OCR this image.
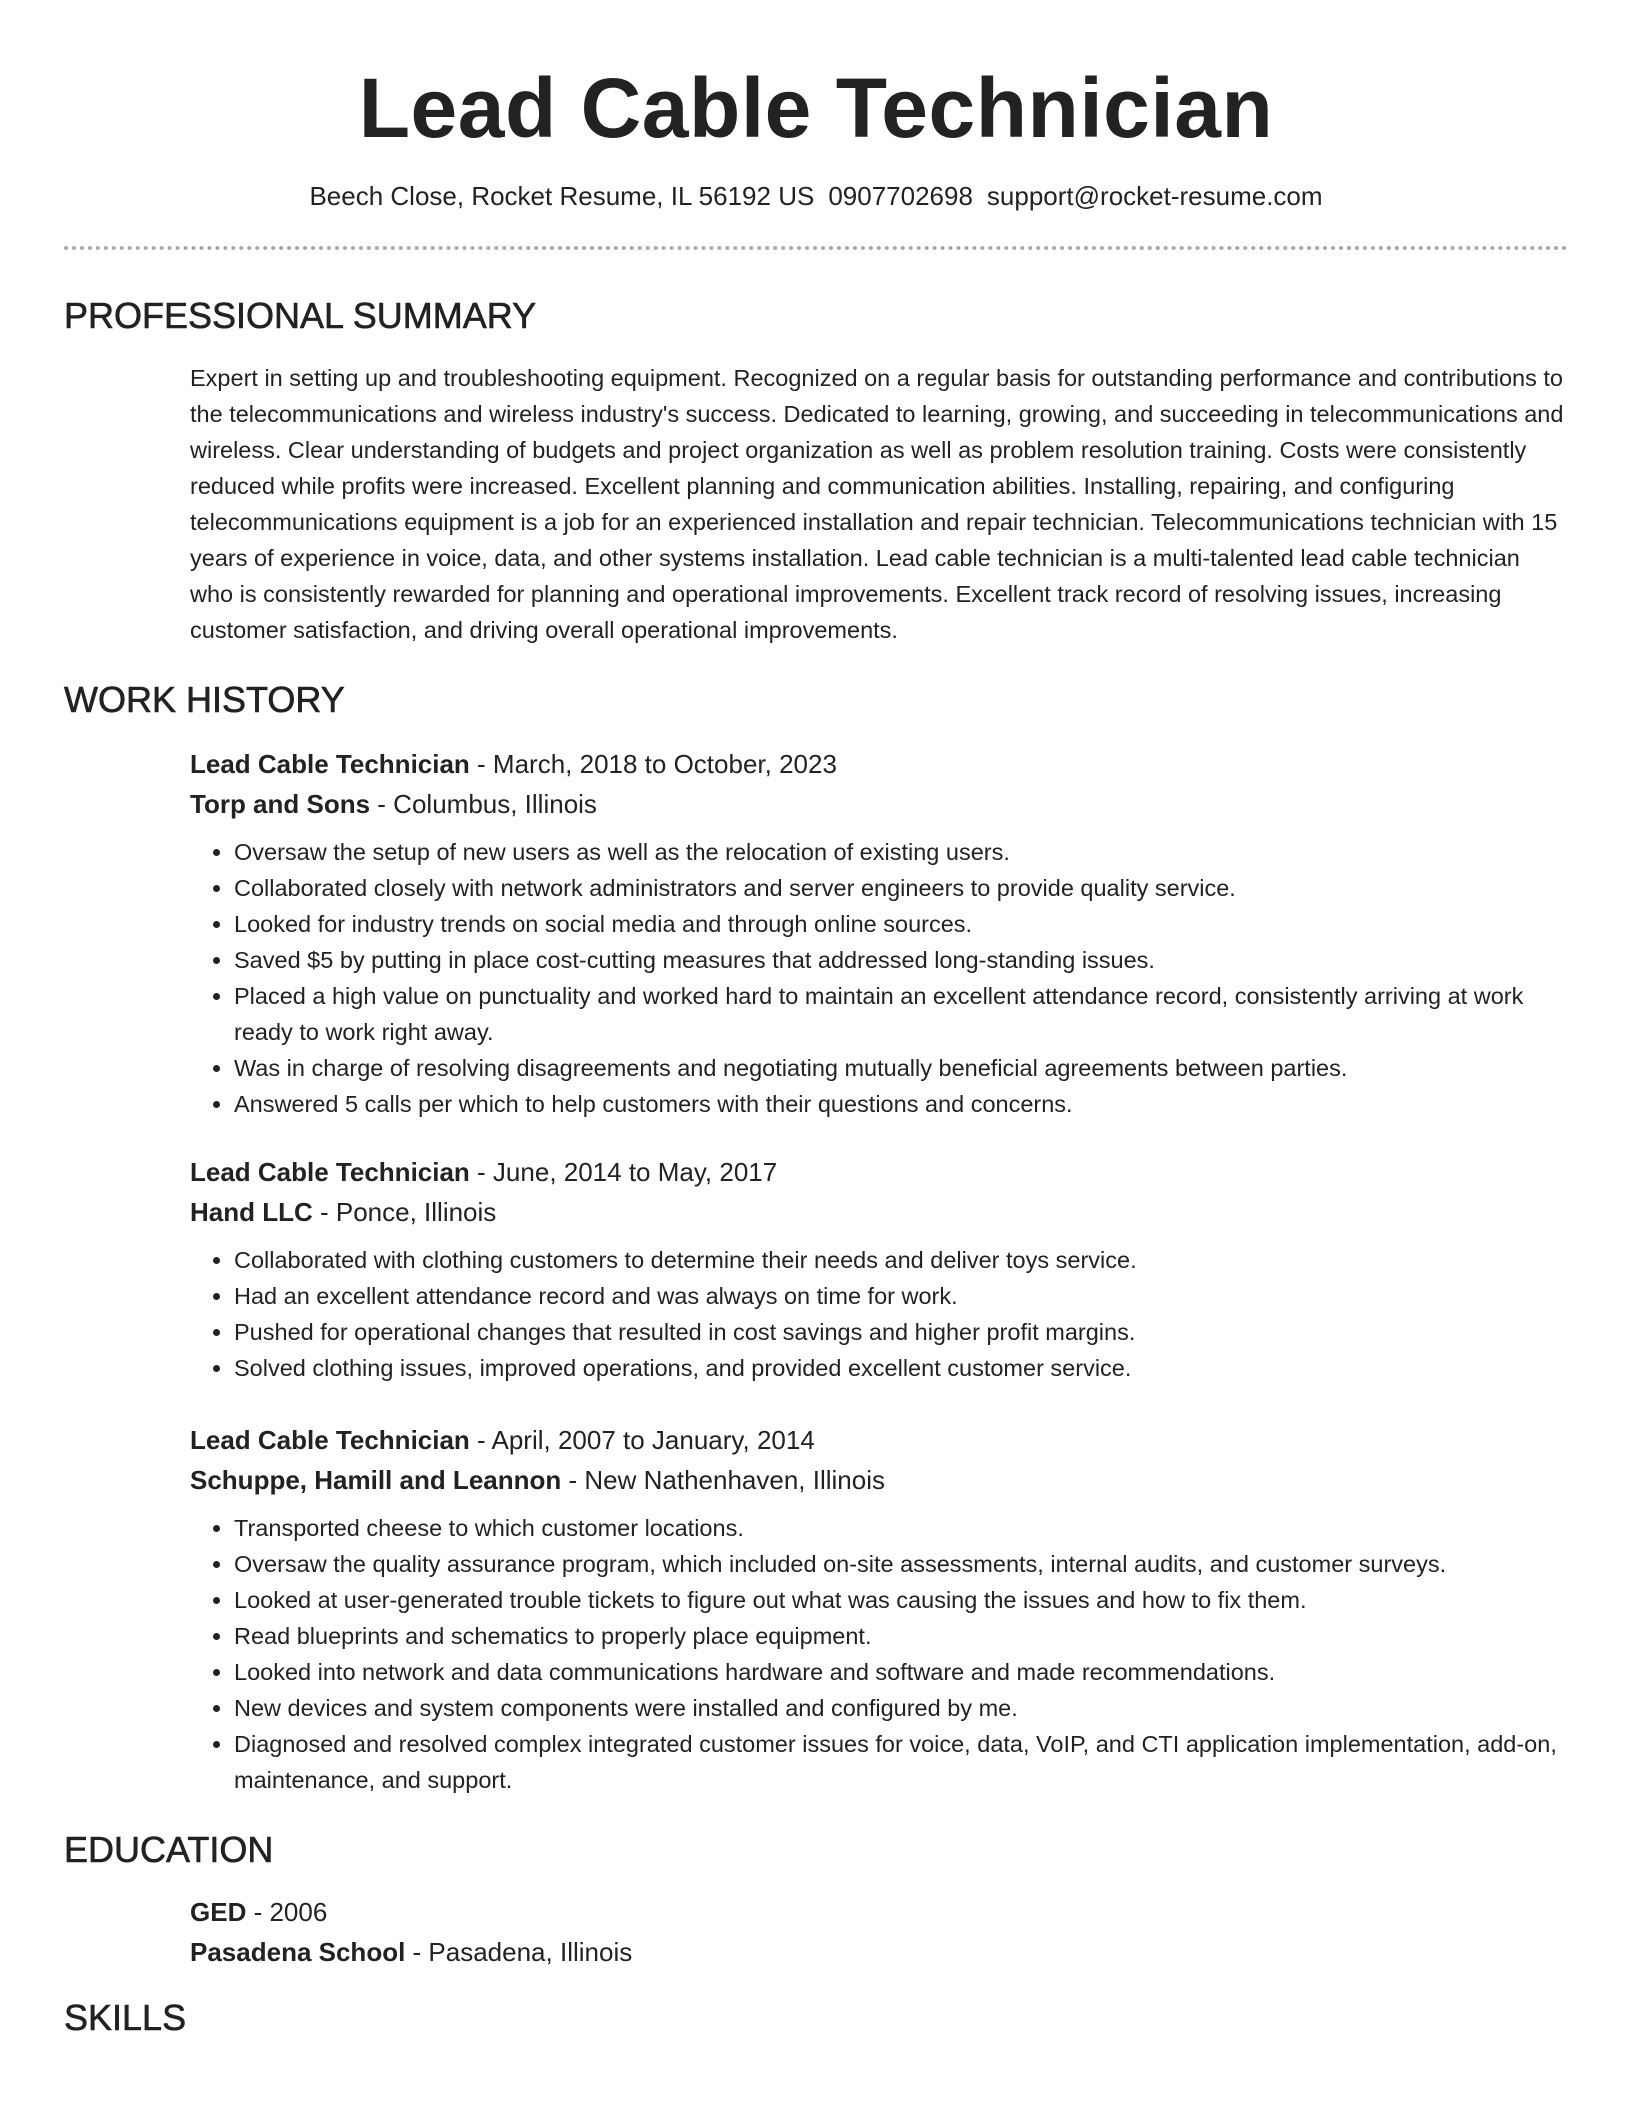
Lead Cable Technician
Beech Close, Rocket Resume, IL 56192 US 0907702698 support@rocket-resume.com
PROFESSIONAL SUMMARY
Expert in setting up and troubleshooting equipment. Recognized on a regular basis for outstanding performance and contributions to the telecommunications and wireless industry's success. Dedicated to learning, growing, and succeeding in telecommunications and wireless. Clear understanding of budgets and project organization as well as problem resolution training. Costs were consistently reduced while profits were increased. Excellent planning and communication abilities. Installing, repairing, and configuring telecommunications equipment is a job for an experienced installation and repair technician. Telecommunications technician with 15 years of experience in voice, data, and other systems installation. Lead cable technician is a multi-talented lead cable technician who is consistently rewarded for planning and operational improvements. Excellent track record of resolving issues, increasing customer satisfaction, and driving overall operational improvements.
WORK HISTORY
Lead Cable Technician - March, 2018 to October, 2023
Torp and Sons - Columbus, Illinois
• Oversaw the setup of new users as well as the relocation of existing users.
• Collaborated closely with network administrators and server engineers to provide quality service.
• Looked for industry trends on social media and through online sources.
• Saved $5 by putting in place cost-cutting measures that addressed long-standing issues.
• Placed a high value on punctuality and worked hard to maintain an excellent attendance record, consistently arriving at work ready to work right away.
• Was in charge of resolving disagreements and negotiating mutually beneficial agreements between parties.
• Answered 5 calls per which to help customers with their questions and concerns.
Lead Cable Technician - June, 2014 to May, 2017
Hand LLC - Ponce, Illinois
• Collaborated with clothing customers to determine their needs and deliver toys service.
• Had an excellent attendance record and was always on time for work.
• Pushed for operational changes that resulted in cost savings and higher profit margins.
• Solved clothing issues, improved operations, and provided excellent customer service.
Lead Cable Technician - April, 2007 to January, 2014
Schuppe, Hamill and Leannon - New Nathenhaven, Illinois
• Transported cheese to which customer locations.
• Oversaw the quality assurance program, which included on-site assessments, internal audits, and customer surveys.
• Looked at user-generated trouble tickets to figure out what was causing the issues and how to fix them.
• Read blueprints and schematics to properly place equipment.
• Looked into network and data communications hardware and software and made recommendations.
• New devices and system components were installed and configured by me.
• Diagnosed and resolved complex integrated customer issues for voice, data, VoIP, and CTI application implementation, add-on, maintenance, and support.
EDUCATION
GED - 2006
Pasadena School - Pasadena, Illinois
SKILLS
